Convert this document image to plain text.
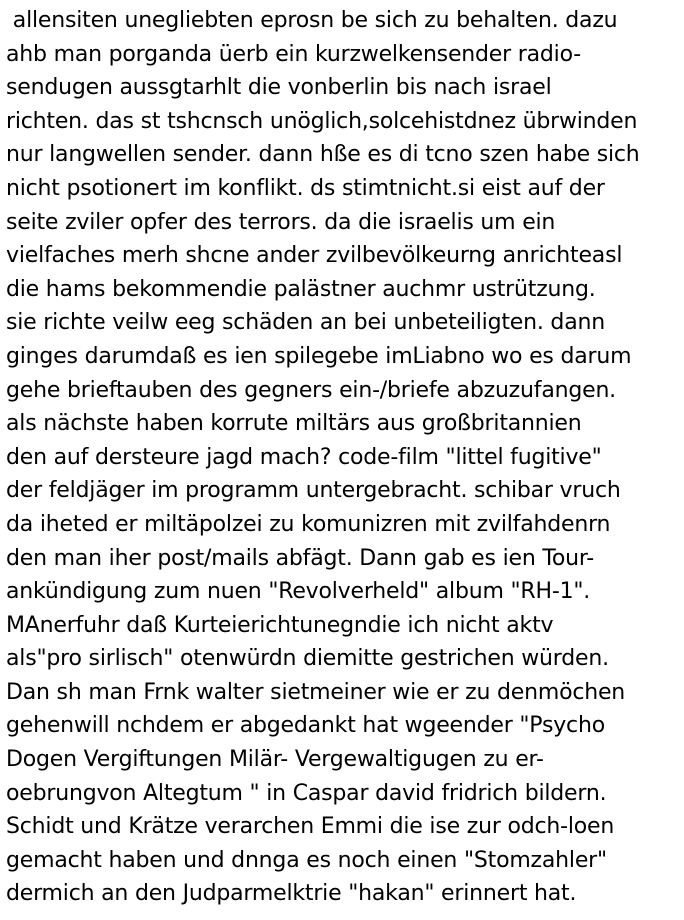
allensiten unegliebten eprosn be sich zu behalten. dazu
ahb man porganda üerb ein kurzwelkensender radio-
sendugen aussgtarhlt die vonberlin bis nach israel
richten. das st tshcnsch unöglich,solcehistdnez übrwinden
nur langwellen sender. dann hße es di tcno szen habe sich
nicht psotionert im konflikt. ds stimtnicht.si eist auf der
seite zviler opfer des terrors. da die israelis um ein
vielfaches merh shcne ander zvilbevölkeurng anrichteasl
die hams bekommendie palästner auchmr ustrützung.
sie richte veilw eeg schäden an bei unbeteiligten. dann
ginges darumdaß es ien spilegebe imLiabno wo es darum
gehe brieftauben des gegners ein-/briefe abzuzufangen.
als nächste haben korrute miltärs aus großbritannien
den auf dersteure jagd mach? code-film "littel fugitive"
der feldjäger im programm untergebracht. schibar vruch
da iheted er miltäpolzei zu komunizren mit zvilfahdenrn
den man iher post/mails abfägt. Dann gab es ien Tour-
ankündigung zum nuen "Revolverheld" album "RH-1".
MAnerfuhr daß Kurteierichtunegndie ich nicht aktv
als"pro sirlisch" otenwürdn diemitte gestrichen würden.
Dan sh man Frnk walter sietmeiner wie er zu denmöchen
gehenwill nchdem er abgedankt hat wgeender "Psycho
Dogen Vergiftungen Milär- Vergewaltigugen zu er-
oebrungvon Altegtum " in Caspar david fridrich bildern.
Schidt und Krätze verarchen Emmi die ise zur odch-loen
gemacht haben und dnnga es noch einen "Stomzahler"
dermich an den Judparmelktrie "hakan" erinnert hat.
